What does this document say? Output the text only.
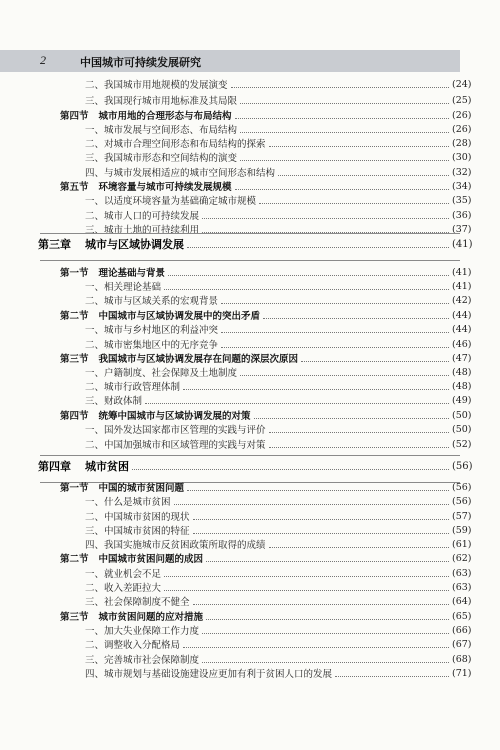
2	中国城市可持续发展研究
二、我国城市用地规模的发展演变	(24)
三、我国现行城市用地标准及其局限	(25)
第四节 城市用地的合理形态与布局结构	(26)
一、城市发展与空间形态、布局结构	(26)
二、对城市合理空间形态和布局结构的探索	(28)
三、我国城市形态和空间结构的演变	(30)
四、与城市发展相适应的城市空间形态和结构	(32)
第五节 环境容量与城市可持续发展规模	(34)
一、以适度环境容量为基础确定城市规模	(35)
二、城市人口的可持续发展	(36)
三、城市土地的可持续利用	(37)
第三章 城市与区域协调发展	(41)
第一节 理论基础与背景	(41)
一、相关理论基础	(41)
二、城市与区域关系的宏观背景	(42)
第二节 中国城市与区域协调发展中的突出矛盾	(44)
一、城市与乡村地区的利益冲突	(44)
二、城市密集地区中的无序竞争	(46)
第三节 我国城市与区域协调发展存在问题的深层次原因	(47)
一、户籍制度、社会保障及土地制度	(48)
二、城市行政管理体制	(48)
三、财政体制	(49)
第四节 统筹中国城市与区域协调发展的对策	(50)
一、国外发达国家都市区管理的实践与评价	(50)
二、中国加强城市和区域管理的实践与对策	(52)
第四章 城市贫困	(56)
第一节 中国的城市贫困问题	(56)
一、什么是城市贫困	(56)
二、中国城市贫困的现状	(57)
三、中国城市贫困的特征	(59)
四、我国实施城市反贫困政策所取得的成绩	(61)
第二节 中国城市贫困问题的成因	(62)
一、就业机会不足	(63)
二、收入差距拉大	(63)
三、社会保障制度不健全	(64)
第三节 城市贫困问题的应对措施	(65)
一、加大失业保障工作力度	(66)
二、调整收入分配格局	(67)
三、完善城市社会保障制度	(68)
四、城市规划与基础设施建设应更加有利于贫困人口的发展	(71)
